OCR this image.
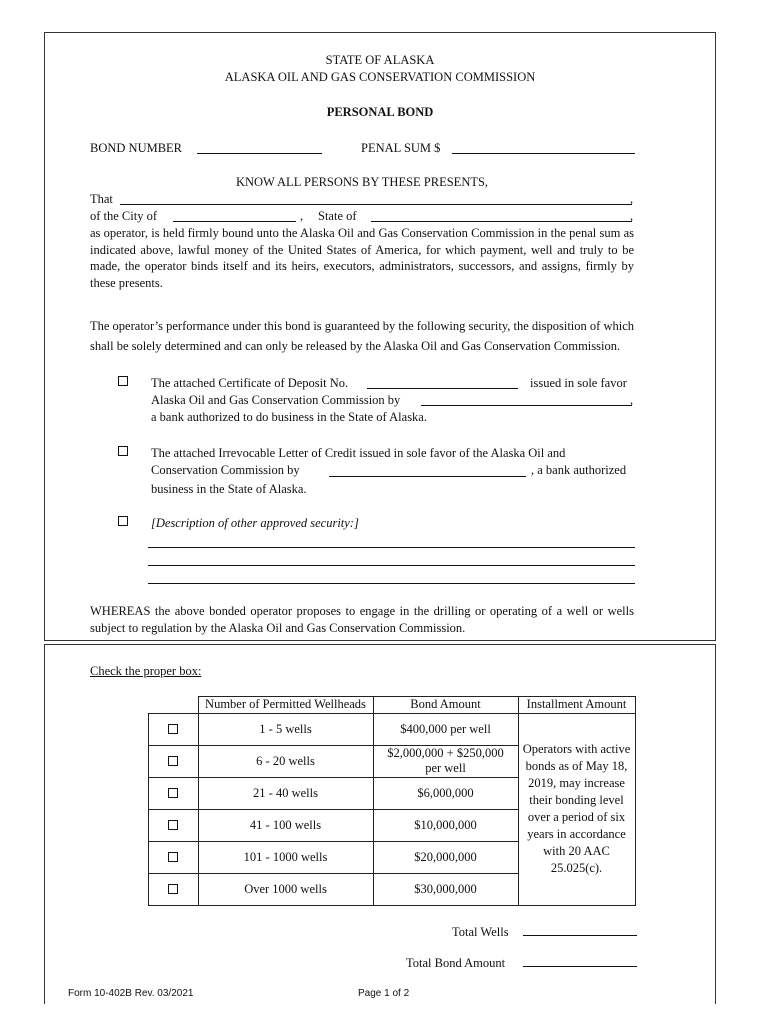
STATE OF ALASKA
ALASKA OIL AND GAS CONSERVATION COMMISSION
PERSONAL BOND
BOND NUMBER	PENAL SUM $
KNOW ALL PERSONS BY THESE PRESENTS,
That	,
of the City of	, State of	,
as operator, is held firmly bound unto the Alaska Oil and Gas Conservation Commission in the penal sum as indicated above, lawful money of the United States of America, for which payment, well and truly to be made, the operator binds itself and its heirs, executors, administrators, successors, and assigns, firmly by these presents.
The operator’s performance under this bond is guaranteed by the following security, the disposition of which shall be solely determined and can only be released by the Alaska Oil and Gas Conservation Commission.
The attached Certificate of Deposit No.	issued in sole favor
Alaska Oil and Gas Conservation Commission by	,
a bank authorized to do business in the State of Alaska.
The attached Irrevocable Letter of Credit issued in sole favor of the Alaska Oil and
Conservation Commission by	, a bank authorized
business in the State of Alaska.
[Description of other approved security:]
WHEREAS the above bonded operator proposes to engage in the drilling or operating of a well or wells subject to regulation by the Alaska Oil and Gas Conservation Commission.
Check the proper box:
	Number of Permitted Wellheads	Bond Amount	Installment Amount

	1 - 5 wells	$400,000 per well	Operators with active bonds as of May 18, 2019, may increase their bonding level over a period of six years in accordance with 20 AAC 25.025(c).

	6 - 20 wells	$2,000,000 + $250,000 per well	

	21 - 40 wells	$6,000,000	

	41 - 100 wells	$10,000,000	

	101 - 1000 wells	$20,000,000	

	Over 1000 wells	$30,000,000	
Total Wells
Total Bond Amount
Form 10-402B Rev. 03/2021	Page 1 of 2
